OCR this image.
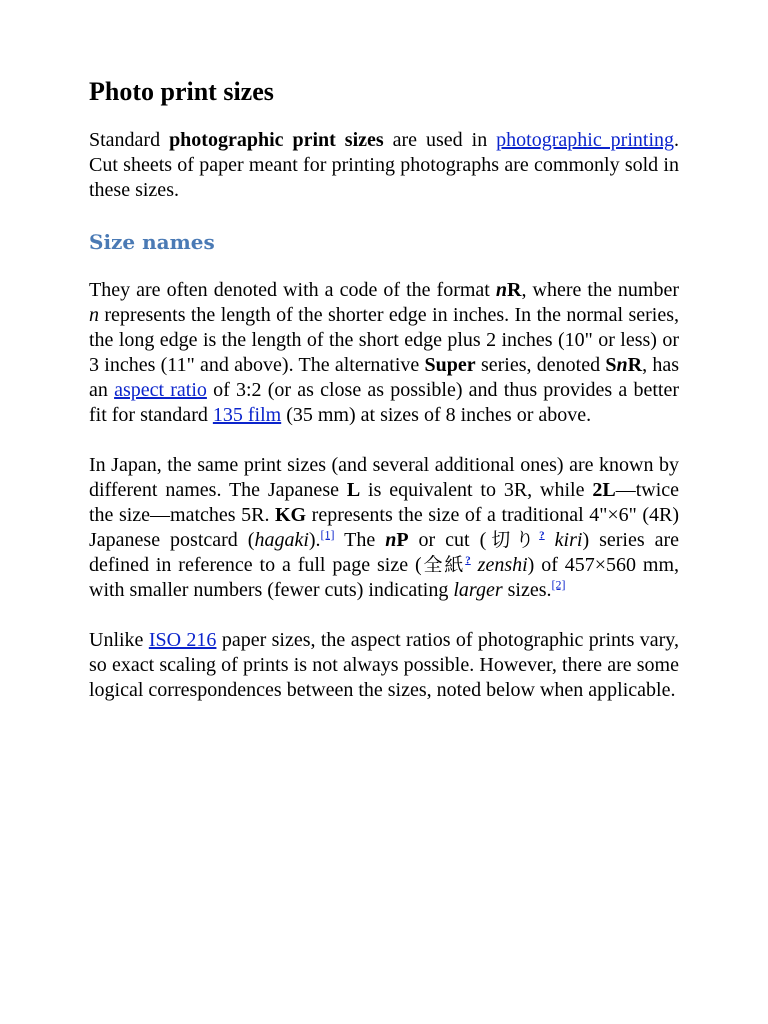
Photo print sizes

Standard photographic print sizes are used in photographic printing. Cut sheets of paper meant for printing photographs are commonly sold in these sizes.

Size names

They are often denoted with a code of the format nR, where the number n represents the length of the shorter edge in inches. In the normal series, the long edge is the length of the short edge plus 2 inches (10" or less) or 3 inches (11" and above). The alternative Super series, denoted SnR, has an aspect ratio of 3:2 (or as close as possible) and thus provides a better fit for standard 135 film (35 mm) at sizes of 8 inches or above.

In Japan, the same print sizes (and several additional ones) are known by different names. The Japanese L is equivalent to 3R, while 2L—twice the size—matches 5R. KG represents the size of a traditional 4"×6" (4R) Japanese postcard (hagaki).[1] The nP or cut (切り? kiri) series are defined in reference to a full page size (全紙? zenshi) of 457×560 mm, with smaller numbers (fewer cuts) indicating larger sizes.[2]

Unlike ISO 216 paper sizes, the aspect ratios of photographic prints vary, so exact scaling of prints is not always possible. However, there are some logical correspondences between the sizes, noted below when applicable.
